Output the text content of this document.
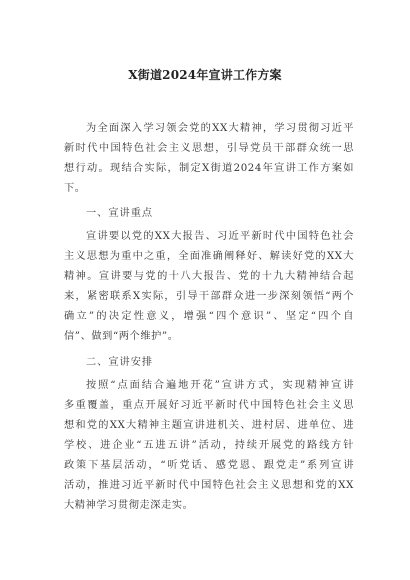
X街道2024年宣讲工作方案
为全面深入学习领会党的XX大精神，学习贯彻习近平
新时代中国特色社会主义思想，引导党员干部群众统一思
想行动。现结合实际，制定X街道2024年宣讲工作方案如
下。
一、宣讲重点
宣讲要以党的XX大报告、习近平新时代中国特色社会
主义思想为重中之重，全面准确阐释好、解读好党的XX大
精神。宣讲要与党的十八大报告、党的十九大精神结合起
来，紧密联系X实际，引导干部群众进一步深刻领悟“两个
确立”的决定性意义，增强“四个意识”、坚定“四个自
信”、做到“两个维护”。
二、宣讲安排
按照“点面结合遍地开花”宣讲方式，实现精神宣讲
多重覆盖，重点开展好习近平新时代中国特色社会主义思
想和党的XX大精神主题宣讲进机关、进村居、进单位、进
学校、进企业“五进五讲”活动，持续开展党的路线方针
政策下基层活动，“听党话、感党恩、跟党走”系列宣讲
活动，推进习近平新时代中国特色社会主义思想和党的XX
大精神学习贯彻走深走实。
